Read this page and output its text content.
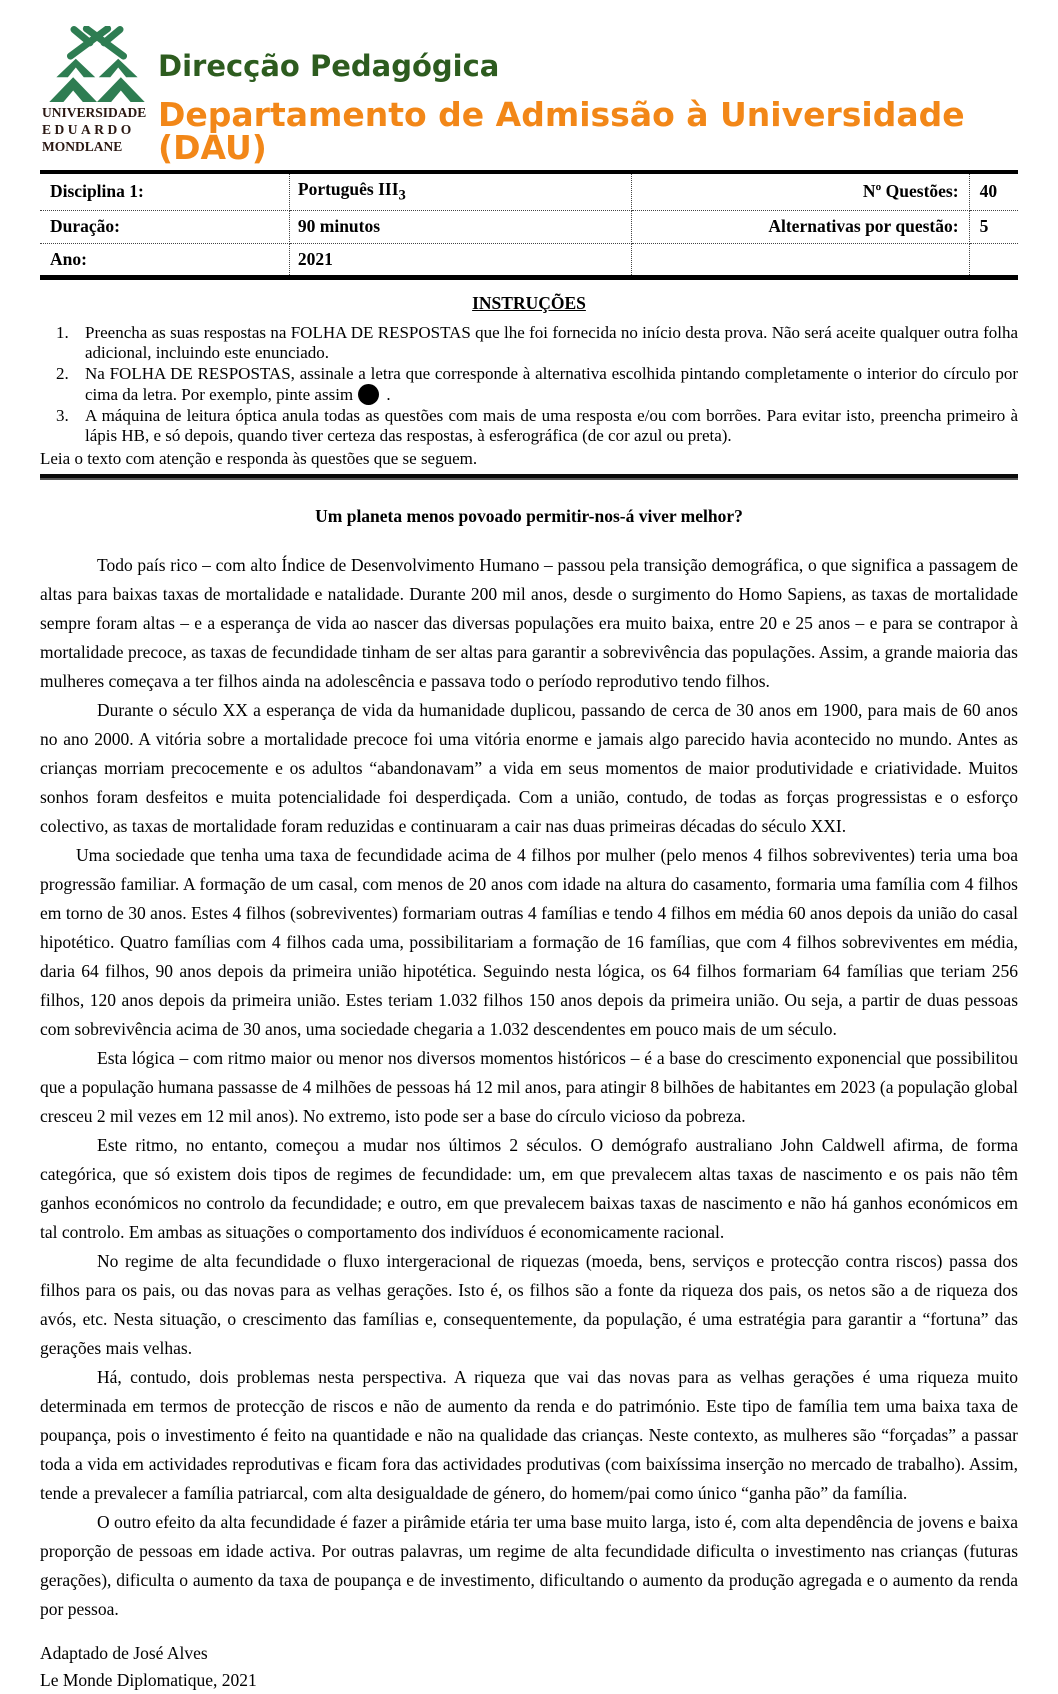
UNIVERSIDADE
EDUARDO
MONDLANE
Direcção Pedagógica
Departamento de Admissão à Universidade (DAU)
Disciplina 1:	Português $III_3$	Nº Questões:	40
Duração:	90 minutos	Alternativas por questão:	5
Ano:	2021		
INSTRUÇÕES
1. Preencha as suas respostas na FOLHA DE RESPOSTAS que lhe foi fornecida no início desta prova. Não será aceite qualquer outra folha adicional, incluindo este enunciado.
2. Na FOLHA DE RESPOSTAS, assinale a letra que corresponde à alternativa escolhida pintando completamente o interior do círculo por cima da letra. Por exemplo, pinte assim .
3. A máquina de leitura óptica anula todas as questões com mais de uma resposta e/ou com borrões. Para evitar isto, preencha primeiro à lápis HB, e só depois, quando tiver certeza das respostas, à esferográfica (de cor azul ou preta).

Leia o texto com atenção e responda às questões que se seguem.

Um planeta menos povoado permitir-nos-á viver melhor?

Todo país rico – com alto Índice de Desenvolvimento Humano – passou pela transição demográfica, o que significa a passagem de altas para baixas taxas de mortalidade e natalidade. Durante 200 mil anos, desde o surgimento do Homo Sapiens, as taxas de mortalidade sempre foram altas – e a esperança de vida ao nascer das diversas populações era muito baixa, entre 20 e 25 anos – e para se contrapor à mortalidade precoce, as taxas de fecundidade tinham de ser altas para garantir a sobrevivência das populações. Assim, a grande maioria das mulheres começava a ter filhos ainda na adolescência e passava todo o período reprodutivo tendo filhos.

Durante o século XX a esperança de vida da humanidade duplicou, passando de cerca de 30 anos em 1900, para mais de 60 anos no ano 2000. A vitória sobre a mortalidade precoce foi uma vitória enorme e jamais algo parecido havia acontecido no mundo. Antes as crianças morriam precocemente e os adultos “abandonavam” a vida em seus momentos de maior produtividade e criatividade. Muitos sonhos foram desfeitos e muita potencialidade foi desperdiçada. Com a união, contudo, de todas as forças progressistas e o esforço colectivo, as taxas de mortalidade foram reduzidas e continuaram a cair nas duas primeiras décadas do século XXI.

Uma sociedade que tenha uma taxa de fecundidade acima de 4 filhos por mulher (pelo menos 4 filhos sobreviventes) teria uma boa progressão familiar. A formação de um casal, com menos de 20 anos com idade na altura do casamento, formaria uma família com 4 filhos em torno de 30 anos. Estes 4 filhos (sobreviventes) formariam outras 4 famílias e tendo 4 filhos em média 60 anos depois da união do casal hipotético. Quatro famílias com 4 filhos cada uma, possibilitariam a formação de 16 famílias, que com 4 filhos sobreviventes em média, daria 64 filhos, 90 anos depois da primeira união hipotética. Seguindo nesta lógica, os 64 filhos formariam 64 famílias que teriam 256 filhos, 120 anos depois da primeira união. Estes teriam 1.032 filhos 150 anos depois da primeira união. Ou seja, a partir de duas pessoas com sobrevivência acima de 30 anos, uma sociedade chegaria a 1.032 descendentes em pouco mais de um século.

Esta lógica – com ritmo maior ou menor nos diversos momentos históricos – é a base do crescimento exponencial que possibilitou que a população humana passasse de 4 milhões de pessoas há 12 mil anos, para atingir 8 bilhões de habitantes em 2023 (a população global cresceu 2 mil vezes em 12 mil anos). No extremo, isto pode ser a base do círculo vicioso da pobreza.

Este ritmo, no entanto, começou a mudar nos últimos 2 séculos. O demógrafo australiano John Caldwell afirma, de forma categórica, que só existem dois tipos de regimes de fecundidade: um, em que prevalecem altas taxas de nascimento e os pais não têm ganhos económicos no controlo da fecundidade; e outro, em que prevalecem baixas taxas de nascimento e não há ganhos económicos em tal controlo. Em ambas as situações o comportamento dos indivíduos é economicamente racional.

No regime de alta fecundidade o fluxo intergeracional de riquezas (moeda, bens, serviços e protecção contra riscos) passa dos filhos para os pais, ou das novas para as velhas gerações. Isto é, os filhos são a fonte da riqueza dos pais, os netos são a de riqueza dos avós, etc. Nesta situação, o crescimento das famílias e, consequentemente, da população, é uma estratégia para garantir a “fortuna” das gerações mais velhas.

Há, contudo, dois problemas nesta perspectiva. A riqueza que vai das novas para as velhas gerações é uma riqueza muito determinada em termos de protecção de riscos e não de aumento da renda e do património. Este tipo de família tem uma baixa taxa de poupança, pois o investimento é feito na quantidade e não na qualidade das crianças. Neste contexto, as mulheres são “forçadas” a passar toda a vida em actividades reprodutivas e ficam fora das actividades produtivas (com baixíssima inserção no mercado de trabalho). Assim, tende a prevalecer a família patriarcal, com alta desigualdade de género, do homem/pai como único “ganha pão” da família.

O outro efeito da alta fecundidade é fazer a pirâmide etária ter uma base muito larga, isto é, com alta dependência de jovens e baixa proporção de pessoas em idade activa. Por outras palavras, um regime de alta fecundidade dificulta o investimento nas crianças (futuras gerações), dificulta o aumento da taxa de poupança e de investimento, dificultando o aumento da produção agregada e o aumento da renda por pessoa.

Adaptado de José Alves
Le Monde Diplomatique, 2021
